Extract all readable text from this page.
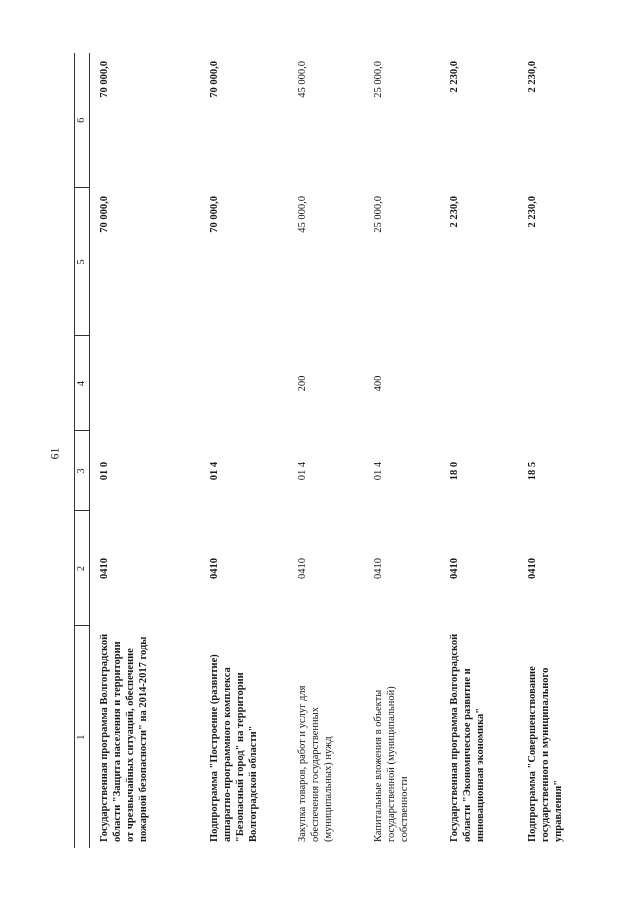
61
1	2	3	4	5	6
Государственная программа Волгоградской области "Защита населения и территории от чрезвычайных ситуаций, обеспечение пожарной безопасности" на 2014-2017 годы	0410	01 0		70 000,0	70 000,0
Подпрограмма "Построение (развитие) аппаратно-программного комплекса "Безопасный город" на территории Волгоградской области"	0410	01 4		70 000,0	70 000,0
Закупка товаров, работ и услуг для обеспечения государственных (муниципальных) нужд	0410	01 4	200	45 000,0	45 000,0
Капитальные вложения в объекты государственной (муниципальной) собственности	0410	01 4	400	25 000,0	25 000,0
Государственная программа Волгоградской области "Экономическое развитие и инновационная экономика"	0410	18 0		2 230,0	2 230,0
Подпрограмма "Совершенствование государственного и муниципального управления"	0410	18 5		2 230,0	2 230,0
